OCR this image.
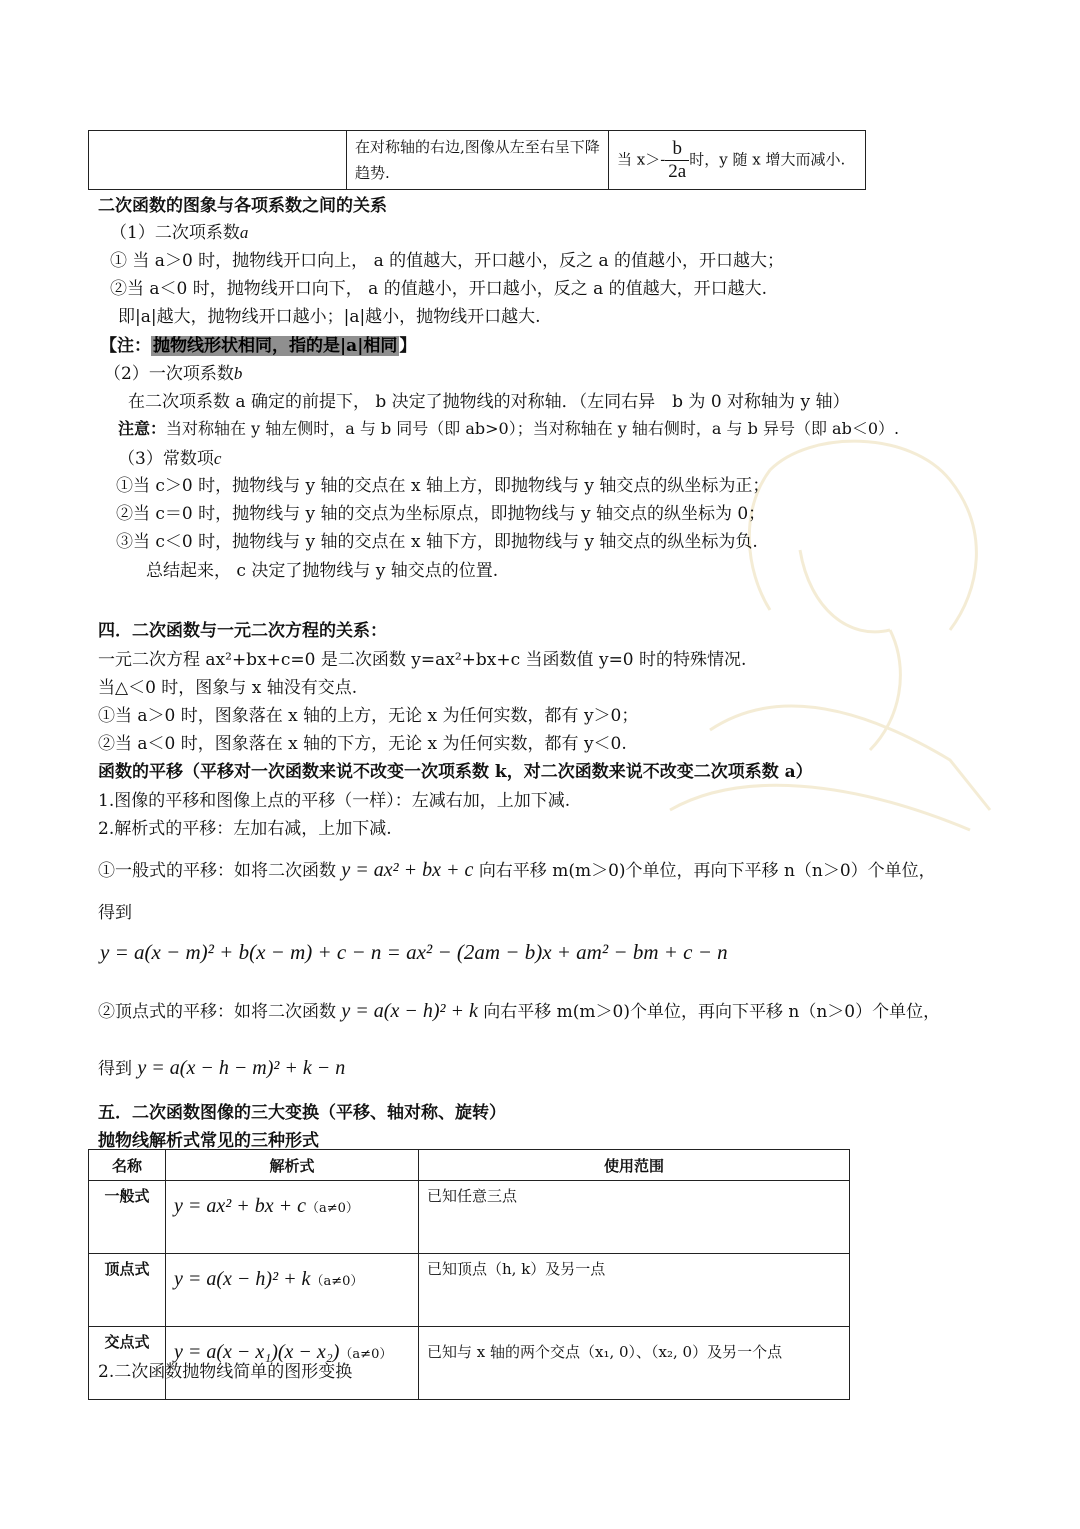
	在对称轴的右边,图像从左至右呈下降趋势.	当 $x>- \frac{b}{2a}$ 时，y 随 x 增大而减小.
二次函数的图象与各项系数之间的关系
（1）二次项系数a
① 当 a＞0 时，抛物线开口向上， a 的值越大，开口越小，反之 a 的值越小，开口越大；
②当 a＜0 时，抛物线开口向下， a 的值越小，开口越小，反之 a 的值越大，开口越大.
即|a|越大，抛物线开口越小；|a|越小，抛物线开口越大.
【注： 抛物线形状相同，指的是|a|相同 】
（2）一次项系数b
在二次项系数 a 确定的前提下， b 决定了抛物线的对称轴．（左同右异　b 为 0 对称轴为 y 轴）
注意：当对称轴在 y 轴左侧时，a 与 b 同号（即 ab>0）；当对称轴在 y 轴右侧时，a 与 b 异号（即 ab＜0）.
（3）常数项c
①当 c＞0 时，抛物线与 y 轴的交点在 x 轴上方，即抛物线与 y 轴交点的纵坐标为正；
②当 c＝0 时，抛物线与 y 轴的交点为坐标原点，即抛物线与 y 轴交点的纵坐标为 0；
③当 c＜0 时，抛物线与 y 轴的交点在 x 轴下方，即抛物线与 y 轴交点的纵坐标为负.
总结起来， c 决定了抛物线与 y 轴交点的位置.
四．二次函数与一元二次方程的关系：
一元二次方程 ax²+bx+c=0 是二次函数 y=ax²+bx+c 当函数值 y=0 时的特殊情况.
当△＜0 时，图象与 x 轴没有交点.
①当 a＞0 时，图象落在 x 轴的上方，无论 x 为任何实数，都有 y＞0；
②当 a＜0 时，图象落在 x 轴的下方，无论 x 为任何实数，都有 y＜0.
函数的平移（平移对一次函数来说不改变一次项系数 k，对二次函数来说不改变二次项系数 a）
1.图像的平移和图像上点的平移（一样）：左减右加，上加下减.
2.解析式的平移：左加右减，上加下减.
①一般式的平移：如将二次函数 y = ax² + bx + c 向右平移 m(m＞0)个单位，再向下平移 n（n＞0）个单位，
得到
y = a(x − m)² + b(x − m) + c − n = ax² − (2am − b)x + am² − bm + c − n
②顶点式的平移：如将二次函数 y = a(x − h)² + k 向右平移 m(m＞0)个单位，再向下平移 n（n＞0）个单位，
得到 y = a(x − h − m)² + k − n
五．二次函数图像的三大变换（平移、轴对称、旋转）
抛物线解析式常见的三种形式
名称	解析式	使用范围
一般式	y = ax² + bx + c（a≠0）	已知任意三点
顶点式	y = a(x − h)² + k（a≠0）	已知顶点（h, k）及另一点
交点式	y = a(x − x₁)(x − x₂)（a≠0）	已知与 x 轴的两个交点（x₁, 0）、（x₂, 0）及另一个点
2.二次函数抛物线简单的图形变换
